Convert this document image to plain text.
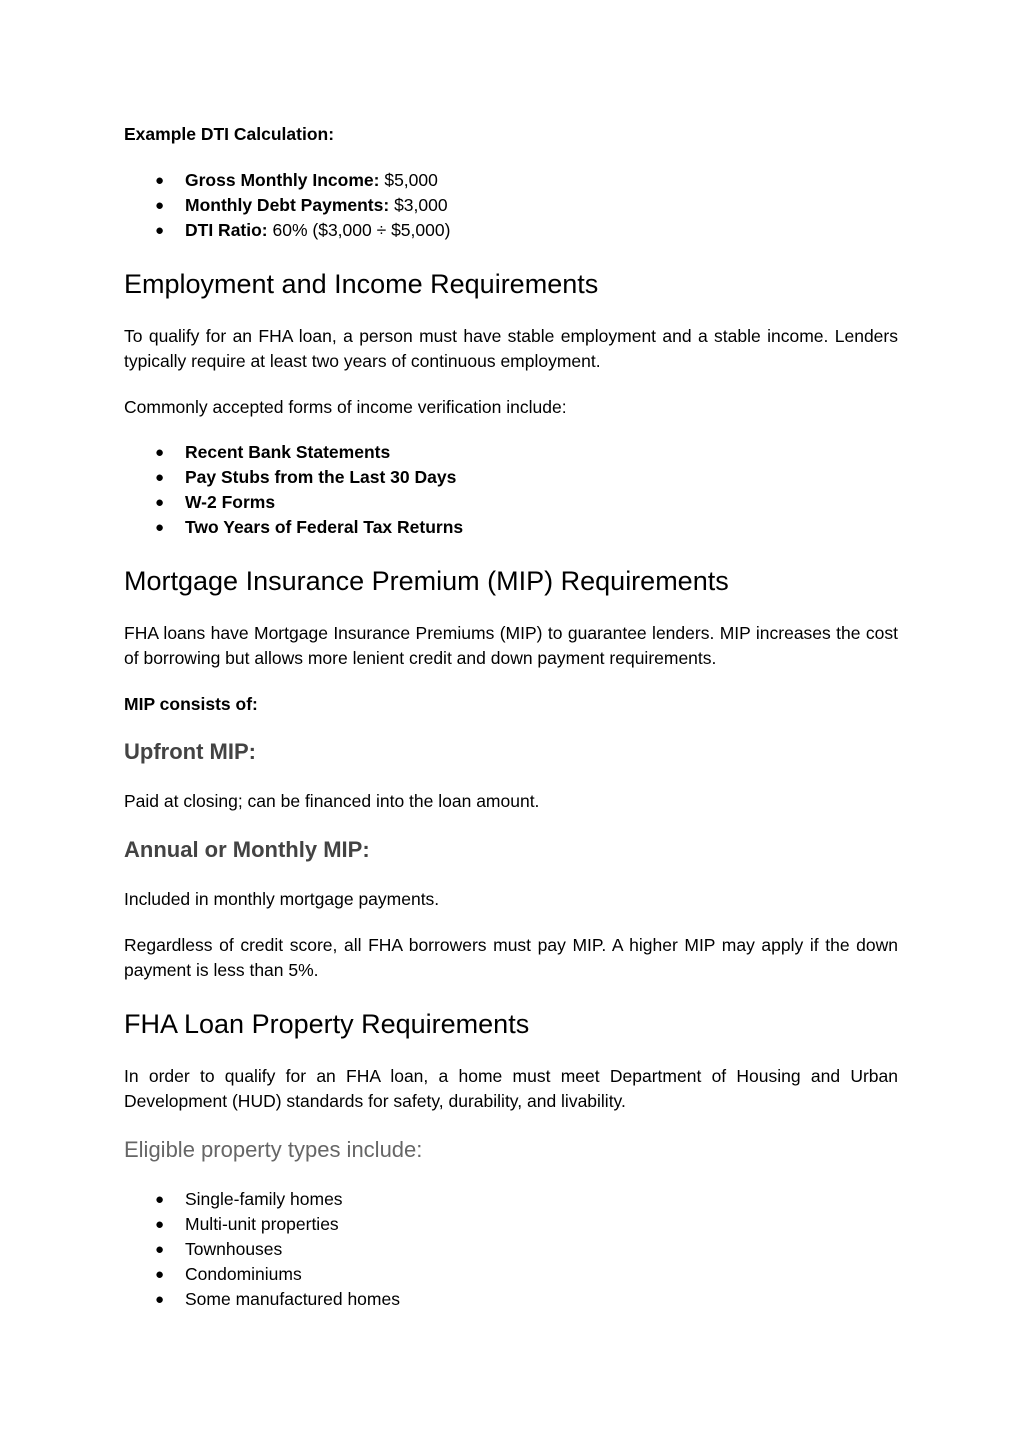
Example DTI Calculation:

● Gross Monthly Income: $5,000
● Monthly Debt Payments: $3,000
● DTI Ratio: 60% ($3,000 ÷ $5,000)
Employment and Income Requirements

To qualify for an FHA loan, a person must have stable employment and a stable income. Lenders typically require at least two years of continuous employment.

Commonly accepted forms of income verification include:

● Recent Bank Statements
● Pay Stubs from the Last 30 Days
● W-2 Forms
● Two Years of Federal Tax Returns
Mortgage Insurance Premium (MIP) Requirements

FHA loans have Mortgage Insurance Premiums (MIP) to guarantee lenders. MIP increases the cost of borrowing but allows more lenient credit and down payment requirements.

MIP consists of:

Upfront MIP:

Paid at closing; can be financed into the loan amount.

Annual or Monthly MIP:

Included in monthly mortgage payments.

Regardless of credit score, all FHA borrowers must pay MIP. A higher MIP may apply if the down payment is less than 5%.

FHA Loan Property Requirements

In order to qualify for an FHA loan, a home must meet Department of Housing and Urban Development (HUD) standards for safety, durability, and livability.

Eligible property types include:
● Single-family homes
● Multi-unit properties
● Townhouses
● Condominiums
● Some manufactured homes
